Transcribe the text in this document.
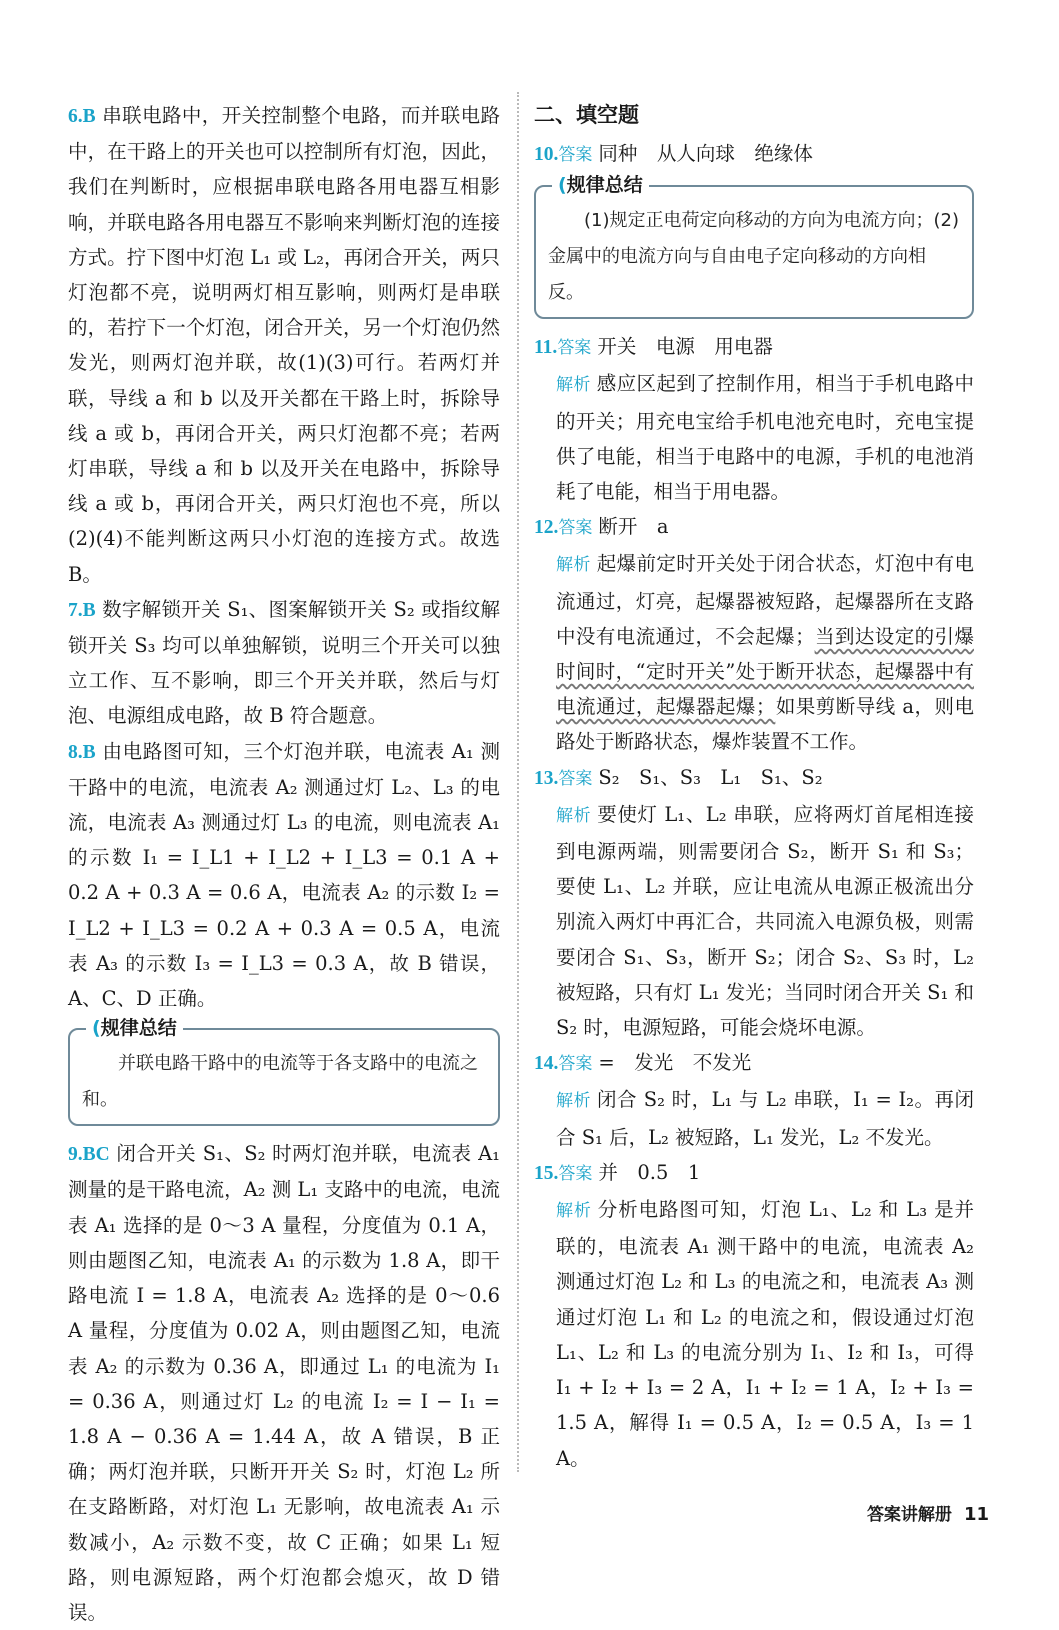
6.B 串联电路中，开关控制整个电路，而并联电路中，在干路上的开关也可以控制所有灯泡，因此，我们在判断时，应根据串联电路各用电器互相影响，并联电路各用电器互不影响来判断灯泡的连接方式。拧下图中灯泡 L₁ 或 L₂，再闭合开关，两只灯泡都不亮，说明两灯相互影响，则两灯是串联的，若拧下一个灯泡，闭合开关，另一个灯泡仍然发光，则两灯泡并联，故(1)(3)可行。若两灯并联，导线 a 和 b 以及开关都在干路上时，拆除导线 a 或 b，再闭合开关，两只灯泡都不亮；若两灯串联，导线 a 和 b 以及开关在电路中，拆除导线 a 或 b，再闭合开关，两只灯泡也不亮，所以(2)(4)不能判断这两只小灯泡的连接方式。故选 B。

7.B 数字解锁开关 S₁、图案解锁开关 S₂ 或指纹解锁开关 S₃ 均可以单独解锁，说明三个开关可以独立工作、互不影响，即三个开关并联，然后与灯泡、电源组成电路，故 B 符合题意。

8.B 由电路图可知，三个灯泡并联，电流表 A₁ 测干路中的电流，电流表 A₂ 测通过灯 L₂、L₃ 的电流，电流表 A₃ 测通过灯 L₃ 的电流，则电流表 A₁ 的示数 I₁ = I_L1 + I_L2 + I_L3 = 0.1 A + 0.2 A + 0.3 A = 0.6 A，电流表 A₂ 的示数 I₂ = I_L2 + I_L3 = 0.2 A + 0.3 A = 0.5 A，电流表 A₃ 的示数 I₃ = I_L3 = 0.3 A，故 B 错误，A、C、D 正确。

(规律总结
并联电路干路中的电流等于各支路中的电流之和。

9.BC 闭合开关 S₁、S₂ 时两灯泡并联，电流表 A₁ 测量的是干路电流，A₂ 测 L₁ 支路中的电流，电流表 A₁ 选择的是 0～3 A 量程，分度值为 0.1 A，则由题图乙知，电流表 A₁ 的示数为 1.8 A，即干路电流 I = 1.8 A，电流表 A₂ 选择的是 0～0.6 A 量程，分度值为 0.02 A，则由题图乙知，电流表 A₂ 的示数为 0.36 A，即通过 L₁ 的电流为 I₁ = 0.36 A，则通过灯 L₂ 的电流 I₂ = I − I₁ = 1.8 A − 0.36 A = 1.44 A，故 A 错误，B 正确；两灯泡并联，只断开开关 S₂ 时，灯泡 L₂ 所在支路断路，对灯泡 L₁ 无影响，故电流表 A₁ 示数减小，A₂ 示数不变，故 C 正确；如果 L₁ 短路，则电源短路，两个灯泡都会熄灭，故 D 错误。

二、填空题

10.答案 同种　从人向球　绝缘体

(规律总结
(1)规定正电荷定向移动的方向为电流方向；(2)金属中的电流方向与自由电子定向移动的方向相反。

11.答案 开关　电源　用电器

解析 感应区起到了控制作用，相当于手机电路中的开关；用充电宝给手机电池充电时，充电宝提供了电能，相当于电路中的电源，手机的电池消耗了电能，相当于用电器。

12.答案 断开　a

解析 起爆前定时开关处于闭合状态，灯泡中有电流通过，灯亮，起爆器被短路，起爆器所在支路中没有电流通过，不会起爆；当到达设定的引爆时间时，“定时开关”处于断开状态，起爆器中有电流通过，起爆器起爆；如果剪断导线 a，则电路处于断路状态，爆炸装置不工作。

13.答案 S₂　S₁、S₃　L₁　S₁、S₂

解析 要使灯 L₁、L₂ 串联，应将两灯首尾相连接到电源两端，则需要闭合 S₂，断开 S₁ 和 S₃；要使 L₁、L₂ 并联，应让电流从电源正极流出分别流入两灯中再汇合，共同流入电源负极，则需要闭合 S₁、S₃，断开 S₂；闭合 S₂、S₃ 时，L₂ 被短路，只有灯 L₁ 发光；当同时闭合开关 S₁ 和 S₂ 时，电源短路，可能会烧坏电源。

14.答案 =　发光　不发光

解析 闭合 S₂ 时，L₁ 与 L₂ 串联，I₁ = I₂。再闭合 S₁ 后，L₂ 被短路，L₁ 发光，L₂ 不发光。

15.答案 并　0.5　1

解析 分析电路图可知，灯泡 L₁、L₂ 和 L₃ 是并联的，电流表 A₁ 测干路中的电流，电流表 A₂ 测通过灯泡 L₂ 和 L₃ 的电流之和，电流表 A₃ 测通过灯泡 L₁ 和 L₂ 的电流之和，假设通过灯泡 L₁、L₂ 和 L₃ 的电流分别为 I₁、I₂ 和 I₃，可得 I₁ + I₂ + I₃ = 2 A，I₁ + I₂ = 1 A，I₂ + I₃ = 1.5 A，解得 I₁ = 0.5 A，I₂ = 0.5 A，I₃ = 1 A。

答案讲解册 11
